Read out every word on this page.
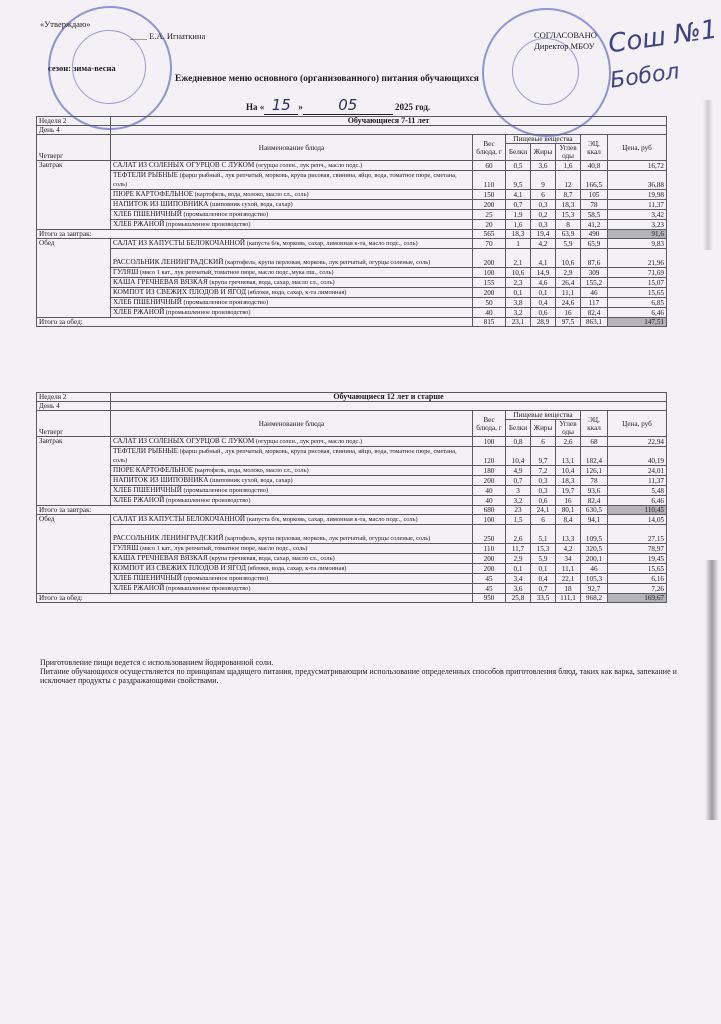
«Утверждаю»
____ Е.А. Игнаткина
сезон: зима-весна
СОГЛАСОВАНО
Директор МБОУ Сош №1
Бобол
Ежедневное меню основного (организованного) питания обучающихся
На « 15 » 05	2025 год.
Неделя 2	Обучающиеся 7-11 лет						
День 4							
Четверг	Наименование блюда	Вес блюда, г	Пищевые вещества			ЭЦ, ккал	Цена, руб
			Белки	Жиры	Углев оды		
Завтрак	САЛАТ ИЗ СОЛЕНЫХ ОГУРЦОВ С ЛУКОМ (огурцы солен., лук репч., масло подс.)	60	0,5	3,6	1,6	40,8	16,72
	ТЕФТЕЛИ РЫБНЫЕ (фарш рыбный., лук репчатый, морковь, крупа рисовая, свинина, яйцо, вода, томатное пюре, сметана, соль)	110	9,5	9	12	166,5	36,88
	ПЮРЕ КАРТОФЕЛЬНОЕ (картофель, вода, молоко, масло сл., соль)	150	4,1	6	8,7	105	19,98
	НАПИТОК ИЗ ШИПОВНИКА (шиповник сухой, вода, сахар)	200	0,7	0,3	18,3	78	11,37
	ХЛЕБ ПШЕНИЧНЫЙ (промышленное производство)	25	1,9	0,2	15,3	58,5	3,42
	ХЛЕБ РЖАНОЙ (промышленное производство)	20	1,6	0,3	8	41,2	3,23
Итого за завтрак:		565	18,3	19,4	63,9	490	91,6
Обед	САЛАТ ИЗ КАПУСТЫ БЕЛОКОЧАННОЙ (капуста б/к, морковь, сахар, лимонная к-та, масло подс., соль)	70	1	4,2	5,9	65,9	9,83
	РАССОЛЬНИК ЛЕНИНГРАДСКИЙ (картофель, крупа перловая, морковь, лук репчатый, огурцы соленые, соль)	200	2,1	4,1	10,6	87,6	21,96
	ГУЛЯШ (мясо 1 кат., лук репчатый, томатное пюре, масло подс.,мука пш., соль)	100	10,6	14,9	2,9	309	71,69
	КАША ГРЕЧНЕВАЯ ВЯЗКАЯ (крупа гречневая, вода, сахар, масло сл., соль)	155	2,3	4,6	26,4	155,2	15,07
	КОМПОТ ИЗ СВЕЖИХ ПЛОДОВ И ЯГОД (яблоки, вода, сахар, к-та лимонная)	200	0,1	0,1	11,1	46	15,65
	ХЛЕБ ПШЕНИЧНЫЙ (промышленное производство)	50	3,8	0,4	24,6	117	6,85
	ХЛЕБ РЖАНОЙ (промышленное производство)	40	3,2	0,6	16	82,4	6,46
Итого за обед:		815	23,1	28,9	97,5	863,1	147,51
Неделя 2	Обучающиеся 12 лет и старше						
День 4							
Четверг	Наименование блюда	Вес блюда, г	Пищевые вещества			ЭЦ, ккал	Цена, руб
			Белки	Жиры	Углев оды		
Завтрак	САЛАТ ИЗ СОЛЕНЫХ ОГУРЦОВ С ЛУКОМ (огурцы солен., лук репч., масло подс.)	100	0,8	6	2,6	68	22,94
	ТЕФТЕЛИ РЫБНЫЕ (фарш рыбный., лук репчатый, морковь, крупа рисовая, свинина, яйцо, вода, томатное пюре, сметана, соль)	120	10,4	9,7	13,1	182,4	40,19
	ПЮРЕ КАРТОФЕЛЬНОЕ (картофель, вода, молоко, масло сл., соль)	180	4,9	7,2	10,4	126,1	24,01
	НАПИТОК ИЗ ШИПОВНИКА (шиповник сухой, вода, сахар)	200	0,7	0,3	18,3	78	11,37
	ХЛЕБ ПШЕНИЧНЫЙ (промышленное производство)	40	3	0,3	19,7	93,6	5,48
	ХЛЕБ РЖАНОЙ (промышленное производство)	40	3,2	0,6	16	82,4	6,46
Итого за завтрак:		680	23	24,1	80,1	630,5	110,45
Обед	САЛАТ ИЗ КАПУСТЫ БЕЛОКОЧАННОЙ (капуста б/к, морковь, сахар, лимонная к-та, масло подс., соль)	100	1,5	6	8,4	94,1	14,05
	РАССОЛЬНИК ЛЕНИНГРАДСКИЙ (картофель, крупа перловая, морковь, лук репчатый, огурцы соленые, соль)	250	2,6	5,1	13,3	109,5	27,15
	ГУЛЯШ (мясо 1 кат., лук репчатый, томатное пюре, масло подс., соль)	110	11,7	15,3	4,2	320,5	78,97
	КАША ГРЕЧНЕВАЯ ВЯЗКАЯ (крупа гречневая, вода, сахар, масло сл., соль)	200	2,9	5,9	34	200,1	19,45
	КОМПОТ ИЗ СВЕЖИХ ПЛОДОВ И ЯГОД (яблоки, вода, сахар, к-та лимонная)	200	0,1	0,1	11,1	46	15,65
	ХЛЕБ ПШЕНИЧНЫЙ (промышленное производство)	45	3,4	0,4	22,1	105,3	6,16
	ХЛЕБ РЖАНОЙ (промышленное производство)	45	3,6	0,7	18	92,7	7,26
Итого за обед:		950	25,8	33,5	111,1	968,2	169,67
Приготовление пищи ведется с использованием йодированной соли.
Питание обучающихся осуществляется по принципам щадящего питания, предусматривающим использование определенных способов приготовления блюд, таких как варка, запекание и исключает продукты с раздражающими свойствами.
